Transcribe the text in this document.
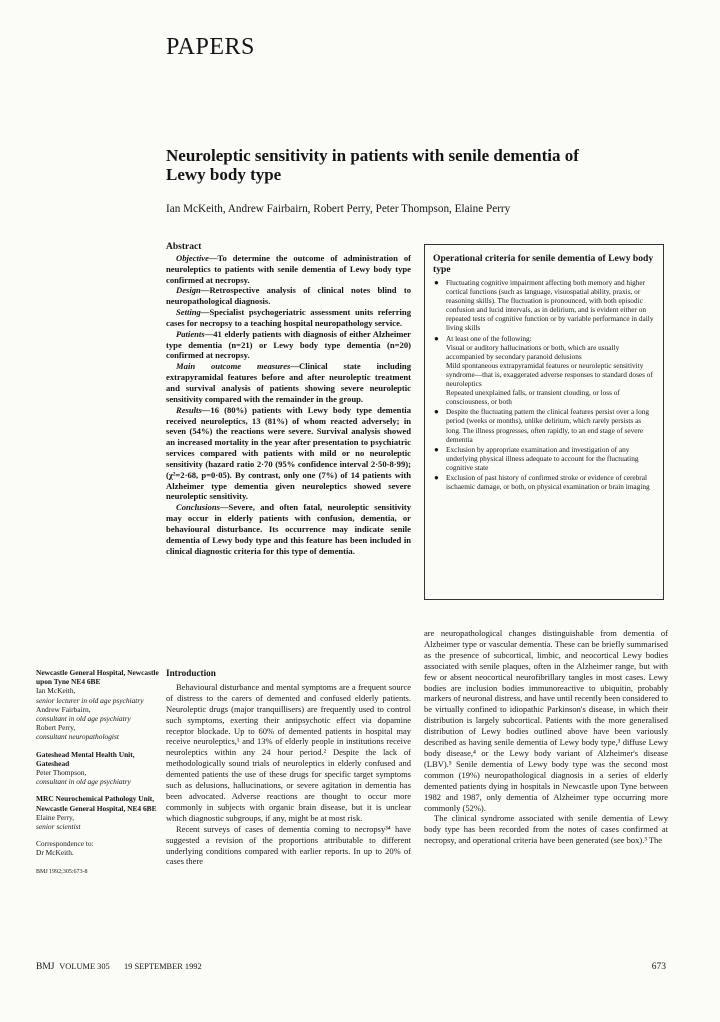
PAPERS
Neuroleptic sensitivity in patients with senile dementia of Lewy body type
Ian McKeith, Andrew Fairbairn, Robert Perry, Peter Thompson, Elaine Perry
Abstract

Objective—To determine the outcome of administration of neuroleptics to patients with senile dementia of Lewy body type confirmed at necropsy.

Design—Retrospective analysis of clinical notes blind to neuropathological diagnosis.

Setting—Specialist psychogeriatric assessment units referring cases for necropsy to a teaching hospital neuropathology service.

Patients—41 elderly patients with diagnosis of either Alzheimer type dementia (n=21) or Lewy body type dementia (n=20) confirmed at necropsy.

Main outcome measures—Clinical state including extrapyramidal features before and after neuroleptic treatment and survival analysis of patients showing severe neuroleptic sensitivity compared with the remainder in the group.

Results—16 (80%) patients with Lewy body type dementia received neuroleptics, 13 (81%) of whom reacted adversely; in seven (54%) the reactions were severe. Survival analysis showed an increased mortality in the year after presentation to psychiatric services compared with patients with mild or no neuroleptic sensitivity (hazard ratio 2·70 (95% confidence interval 2·50-8·99); (χ²=2·68, p=0·05). By contrast, only one (7%) of 14 patients with Alzheimer type dementia given neuroleptics showed severe neuroleptic sensitivity.

Conclusions—Severe, and often fatal, neuroleptic sensitivity may occur in elderly patients with confusion, dementia, or behavioural disturbance. Its occurrence may indicate senile dementia of Lewy body type and this feature has been included in clinical diagnostic criteria for this type of dementia.

Operational criteria for senile dementia of Lewy body type
● Fluctuating cognitive impairment affecting both memory and higher cortical functions (such as language, visuospatial ability, praxis, or reasoning skills). The fluctuation is pronounced, with both episodic confusion and lucid intervals, as in delirium, and is evident either on repeated tests of cognitive function or by variable performance in daily living skills
● At least one of the following:

Visual or auditory hallucinations or both, which are usually accompanied by secondary paranoid delusions

Mild spontaneous extrapyramidal features or neuroleptic sensitivity syndrome—that is, exaggerated adverse responses to standard doses of neuroleptics

Repeated unexplained falls, or transient clouding, or loss of consciousness, or both

● Despite the fluctuating pattern the clinical features persist over a long period (weeks or months), unlike delirium, which rarely persists as long. The illness progresses, often rapidly, to an end stage of severe dementia
● Exclusion by appropriate examination and investigation of any underlying physical illness adequate to account for the fluctuating cognitive state
● Exclusion of past history of confirmed stroke or evidence of cerebral ischaemic damage, or both, on physical examination or brain imaging
Newcastle General Hospital, Newcastle upon Tyne NE4 6BE
Ian McKeith,
senior lecturer in old age psychiatry
Andrew Fairbairn,
consultant in old age psychiatry
Robert Perry,
consultant neuropathologist
Gateshead Mental Health Unit, Gateshead
Peter Thompson,
consultant in old age psychiatry
MRC Neurochemical Pathology Unit, Newcastle General Hospital, NE4 6BE
Elaine Perry,
senior scientist
Correspondence to:
Dr McKeith.
BMJ 1992;305:673-8
Introduction

Behavioural disturbance and mental symptoms are a frequent source of distress to the carers of demented and confused elderly patients. Neuroleptic drugs (major tranquillisers) are frequently used to control such symptoms, exerting their antipsychotic effect via dopamine receptor blockade. Up to 60% of demented patients in hospital may receive neuroleptics,¹ and 13% of elderly people in institutions receive neuroleptics within any 24 hour period.² Despite the lack of methodologically sound trials of neuroleptics in elderly confused and demented patients the use of these drugs for specific target symptoms such as delusions, hallucinations, or severe agitation in dementia has been advocated. Adverse reactions are thought to occur more commonly in subjects with organic brain disease, but it is unclear which diagnostic subgroups, if any, might be at most risk.

Recent surveys of cases of dementia coming to necropsy³⁴ have suggested a revision of the proportions attributable to different underlying conditions compared with earlier reports. In up to 20% of cases there

are neuropathological changes distinguishable from dementia of Alzheimer type or vascular dementia. These can be briefly summarised as the presence of subcortical, limbic, and neocortical Lewy bodies associated with senile plaques, often in the Alzheimer range, but with few or absent neocortical neurofibrillary tangles in most cases. Lewy bodies are inclusion bodies immunoreactive to ubiquitin, probably markers of neuronal distress, and have until recently been considered to be virtually confined to idiopathic Parkinson's disease, in which their distribution is largely subcortical. Patients with the more generalised distribution of Lewy bodies outlined above have been variously described as having senile dementia of Lewy body type,³ diffuse Lewy body disease,⁴ or the Lewy body variant of Alzheimer's disease (LBV).⁵ Senile dementia of Lewy body type was the second most common (19%) neuropathological diagnosis in a series of elderly demented patients dying in hospitals in Newcastle upon Tyne between 1982 and 1987, only dementia of Alzheimer type occurring more commonly (52%).

The clinical syndrome associated with senile dementia of Lewy body type has been recorded from the notes of cases confirmed at necropsy, and operational criteria have been generated (see box).³ The

BMJ VOLUME 305 19 SEPTEMBER 1992	673
